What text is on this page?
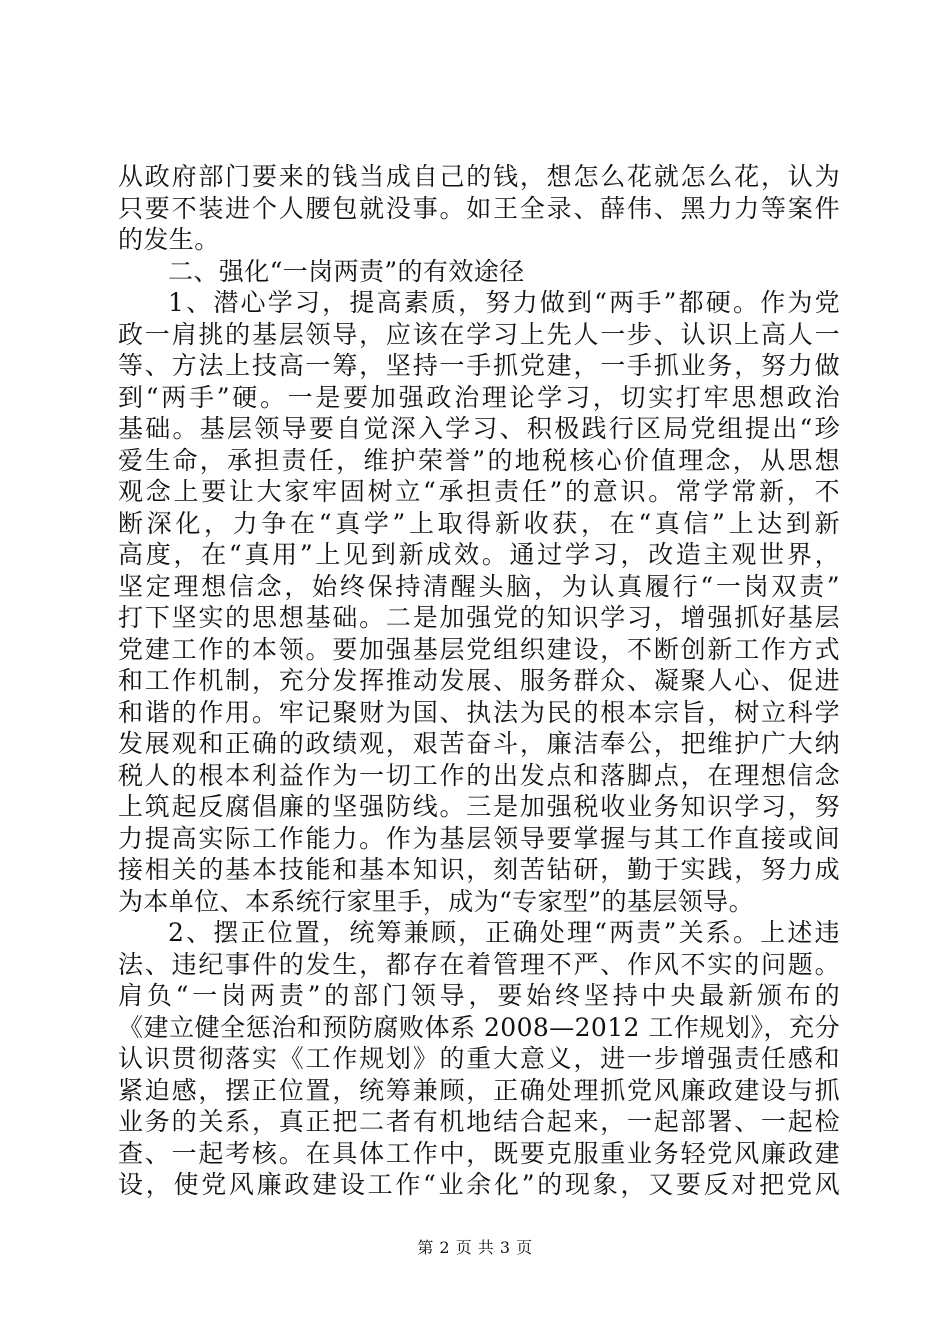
从政府部门要来的钱当成自己的钱，想怎么花就怎么花，认为
只要不装进个人腰包就没事。如王全录、薛伟、黑力力等案件
的发生。
二、强化“一岗两责”的有效途径
1、潜心学习，提高素质，努力做到“两手”都硬。作为党
政一肩挑的基层领导，应该在学习上先人一步、认识上高人一
等、方法上技高一筹，坚持一手抓党建，一手抓业务，努力做
到“两手”硬。一是要加强政治理论学习，切实打牢思想政治
基础。基层领导要自觉深入学习、积极践行区局党组提出“珍
爱生命，承担责任，维护荣誉”的地税核心价值理念，从思想
观念上要让大家牢固树立“承担责任”的意识。常学常新，不
断深化，力争在“真学”上取得新收获，在“真信”上达到新
高度，在“真用”上见到新成效。通过学习，改造主观世界，
坚定理想信念，始终保持清醒头脑，为认真履行“一岗双责”
打下坚实的思想基础。二是加强党的知识学习，增强抓好基层
党建工作的本领。要加强基层党组织建设，不断创新工作方式
和工作机制，充分发挥推动发展、服务群众、凝聚人心、促进
和谐的作用。牢记聚财为国、执法为民的根本宗旨，树立科学
发展观和正确的政绩观，艰苦奋斗，廉洁奉公，把维护广大纳
税人的根本利益作为一切工作的出发点和落脚点，在理想信念
上筑起反腐倡廉的坚强防线。三是加强税收业务知识学习，努
力提高实际工作能力。作为基层领导要掌握与其工作直接或间
接相关的基本技能和基本知识，刻苦钻研，勤于实践，努力成
为本单位、本系统行家里手，成为“专家型”的基层领导。
2、摆正位置，统筹兼顾，正确处理“两责”关系。上述违
法、违纪事件的发生，都存在着管理不严、作风不实的问题。
肩负“一岗两责”的部门领导，要始终坚持中央最新颁布的
《建立健全惩治和预防腐败体系 2008—2012 工作规划》，充分
认识贯彻落实《工作规划》的重大意义，进一步增强责任感和
紧迫感，摆正位置，统筹兼顾，正确处理抓党风廉政建设与抓
业务的关系，真正把二者有机地结合起来，一起部署、一起检
查、一起考核。在具体工作中，既要克服重业务轻党风廉政建
设，使党风廉政建设工作“业余化”的现象，又要反对把党风
第 2 页 共 3 页
